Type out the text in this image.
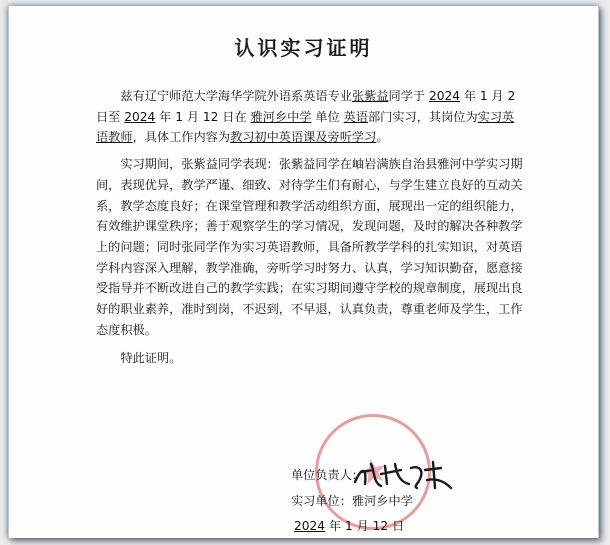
认识实习证明

兹有辽宁师范大学海华学院外语系英语专业张紫益同学于 2024 年 1 月 2 日至 2024 年 1 月 12 日在 雅河乡中学 单位 英语部门实习，其岗位为实习英语教师，具体工作内容为教习初中英语课及旁听学习。

实习期间，张紫益同学表现：张紫益同学在岫岩满族自治县雅河中学实习期间，表现优异，教学严谨、细致、对待学生们有耐心，与学生建立良好的互动关系，教学态度良好；在课堂管理和教学活动组织方面，展现出一定的组织能力，有效维护课堂秩序；善于观察学生的学习情况，发现问题，及时的解决各种教学上的问题；同时张同学作为实习英语教师，具备所教学学科的扎实知识，对英语学科内容深入理解，教学准确，旁听学习时努力、认真，学习知识勤奋，愿意接受指导并不断改进自己的教学实践；在实习期间遵守学校的规章制度，展现出良好的职业素养，准时到岗，不迟到，不早退，认真负责，尊重老师及学生，工作态度积极。

特此证明。

★
单位负责人：
实习单位：雅河乡中学
2024 年 1 月 12 日
